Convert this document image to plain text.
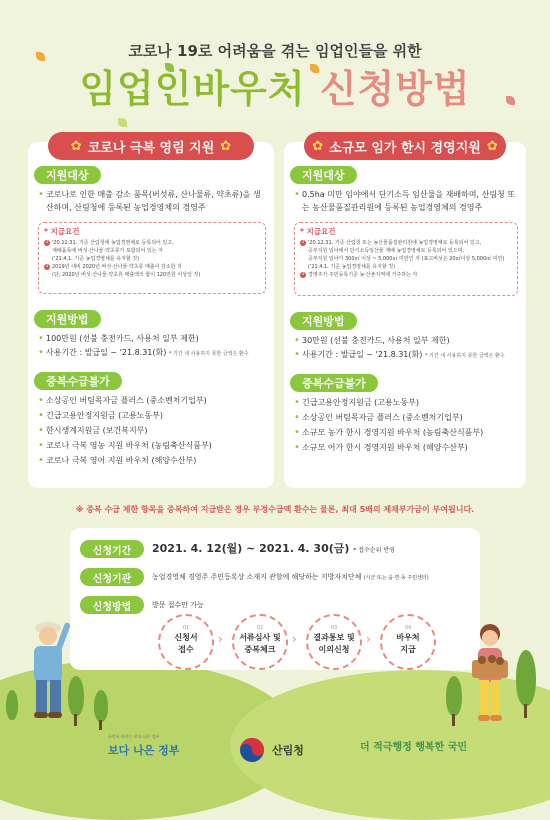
코로나 19로 어려움을 겪는 임업인들을 위한
임업인바우처 신청방법
✿ 코로나 극복 영림 지원 ✿
지원대상
• 코로나로 인한 매출 감소 품목(버섯류, 산나물류, 약초류)을 생산하며, 산림청에 등록된 농업경영체의 경영주
* 지급요건
1 '20.12.31. 기준 산림청에 농업경영체로 등록되어 있고,
재배품목에 버섯·산나물·약초류가 포함되어 있는 자
('21.4.1. 기준 농업경영체를 유지할 것)
2 2019년 대비 2020년 버섯·산나물·약초류 매출이 감소한 자
(단, 2020년 버섯·산나물·약초류 매출액의 합이 120만원 이상일 것)
지원방법
• 100만원 (선불 충전카드, 사용처 일부 제한)
• 사용기간 : 발급일 ~ '21.8.31(화) * 기간 내 사용하지 못한 금액은 환수
중복수급불가
• 소상공인 버팀목자금 플러스 (중소벤처기업부)
• 긴급고용안정지원금 (고용노동부)
• 한시생계지원금 (보건복지부)
• 코로나 극복 영농 지원 바우처 (농림축산식품부)
• 코로나 극복 영어 지원 바우처 (해양수산부)
✿ 소규모 임가 한시 경영지원 ✿
지원대상
• 0.5ha 미만 임야에서 단기소득 임산물을 재배하며, 산림청 또는 농산물품질관리원에 등록된 농업경영체의 경영주
* 지급요건
1 '20.12.31. 기준 산림청 또는 농산물품질관리원에 농업경영체로 등록되어 있고,
공부지원 임야에서 단기소득임산물 재배 농업경영체로 등록되어 있으며,
공부지원 임야가 300㎡ 이상 ~ 5,000㎡ 미만인 자 (표고버섯은 20㎡이상 5,000㎡ 미만)
('21.4.1. 기준 농업경영체를 유지할 것)
2 경영주가 주민등록기준 농·산촌지역에 거주하는 자
지원방법
• 30만원 (선불 충전카드, 사용처 일부 제한)
• 사용기간 : 발급일 ~ '21.8.31(화) * 기간 내 사용하지 못한 금액은 환수
중복수급불가
• 긴급고용안정지원금 (고용노동부)
• 소상공인 버팀목자금 플러스 (중소벤처기업부)
• 소규모 농가 한시 경영지원 바우처 (농림축산식품부)
• 소규모 어가 한시 경영지원 바우처 (해양수산부)
※ 중복 수급 제한 항목을 중복하여 지급받은 경우 부정수급액 환수는 물론, 최대 5배의 제재부가금이 부여됩니다.
신청기간	2021. 4. 12(월) ~ 2021. 4. 30(금) * 접수순위 반영
신청기관	농업경영체 경영주 주민등록상 소재지 관할에 해당하는 지방자치단체 (시군 또는 읍·면·동 주민센터)
신청방법	방문 접수만 가능
01
신청서
접수
›
02
서류심사 및
중복체크
›
03
결과통보 및
이의신청
›
04
바우처
지급
국민이 바라는 보다 나은 정부
보다 나은 정부	산림청	더 적극행정 행복한 국민
